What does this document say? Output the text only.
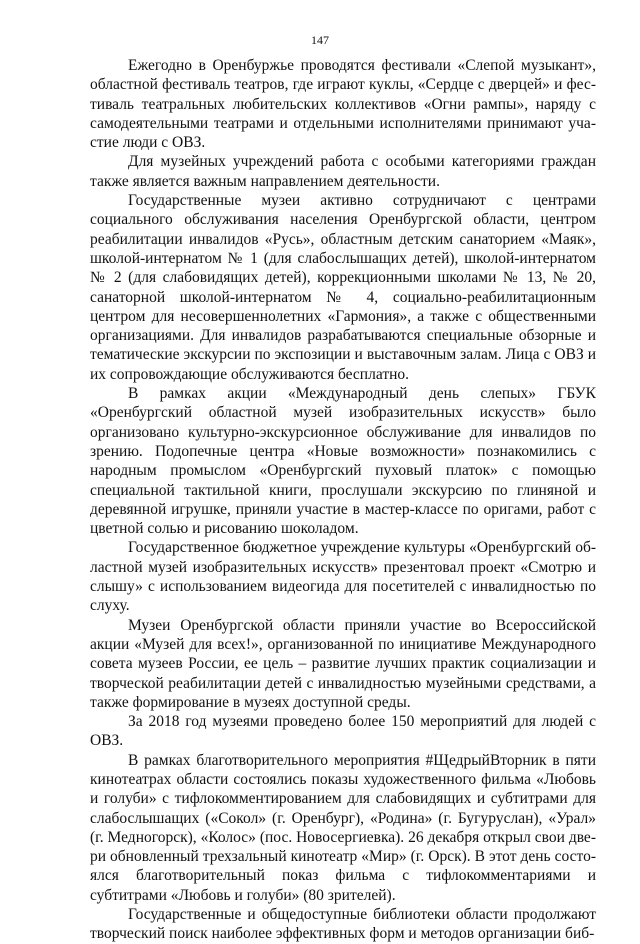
147

Ежегодно в Оренбуржье проводятся фестивали «Слепой музыкант», областной фестиваль театров, где играют куклы, «Сердце с дверцей» и фестиваль театральных любительских коллективов «Огни рампы», наряду с самодеятельными театрами и отдельными исполнителями принимают участие люди с ОВЗ.

Для музейных учреждений работа с особыми категориями граждан также является важным направлением деятельности.

Государственные музеи активно сотрудничают с центрами социального обслуживания населения Оренбургской области, центром реабилитации инвалидов «Русь», областным детским санаторием «Маяк», школой-интернатом № 1 (для слабослышащих детей), школой-интернатом № 2 (для слабовидящих детей), коррекционными школами № 13, № 20, санаторной школой-интернатом № 4, социально-реабилитационным центром для несовершеннолетних «Гармония», а также с общественными организациями. Для инвалидов разрабатываются специальные обзорные и тематические экскурсии по экспозиции и выставочным залам. Лица с ОВЗ и их сопровождающие обслуживаются бесплатно.

В рамках акции «Международный день слепых» ГБУК «Оренбургский областной музей изобразительных искусств» было организовано культурно-экскурсионное обслуживание для инвалидов по зрению. Подопечные центра «Новые возможности» познакомились с народным промыслом «Оренбургский пуховый платок» с помощью специальной тактильной книги, прослушали экскурсию по глиняной и деревянной игрушке, приняли участие в мастер-классе по оригами, работ с цветной солью и рисованию шоколадом.

Государственное бюджетное учреждение культуры «Оренбургский областной музей изобразительных искусств» презентовал проект «Смотрю и слышу» с использованием видеогида для посетителей с инвалидностью по слуху.

Музеи Оренбургской области приняли участие во Всероссийской акции «Музей для всех!», организованной по инициативе Международного совета музеев России, ее цель – развитие лучших практик социализации и творческой реабилитации детей с инвалидностью музейными средствами, а также формирование в музеях доступной среды.

За 2018 год музеями проведено более 150 мероприятий для людей с ОВЗ.

В рамках благотворительного мероприятия #ЩедрыйВторник в пяти кинотеатрах области состоялись показы художественного фильма «Любовь и голуби» с тифлокомментированием для слабовидящих и субтитрами для слабослышащих («Сокол» (г. Оренбург), «Родина» (г. Бугуруслан), «Урал» (г. Медногорск), «Колос» (пос. Новосергиевка). 26 декабря открыл свои двери обновленный трехзальный кинотеатр «Мир» (г. Орск). В этот день состоялся благотворительный показ фильма с тифлокомментариями и субтитрами «Любовь и голуби» (80 зрителей).

Государственные и общедоступные библиотеки области продолжают творческий поиск наиболее эффективных форм и методов организации биб-
